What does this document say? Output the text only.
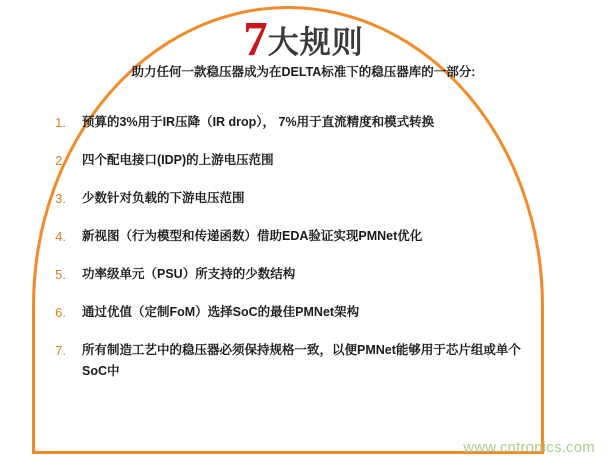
7大规则
助力任何一款稳压器成为在DELTA标准下的稳压器库的一部分:
1.	预算的3%用于IR压降（IR drop）， 7%用于直流精度和模式转换
2.	四个配电接口(IDP)的上游电压范围
3.	少数针对负载的下游电压范围
4.	新视图（行为模型和传递函数）借助EDA验证实现PMNet优化
5.	功率级单元（PSU）所支持的少数结构
6.	通过优值（定制FoM）选择SoC的最佳PMNet架构
7.	所有制造工艺中的稳压器必须保持规格一致，以便PMNet能够用于芯片组或单个SoC中
www.cntronics.com
